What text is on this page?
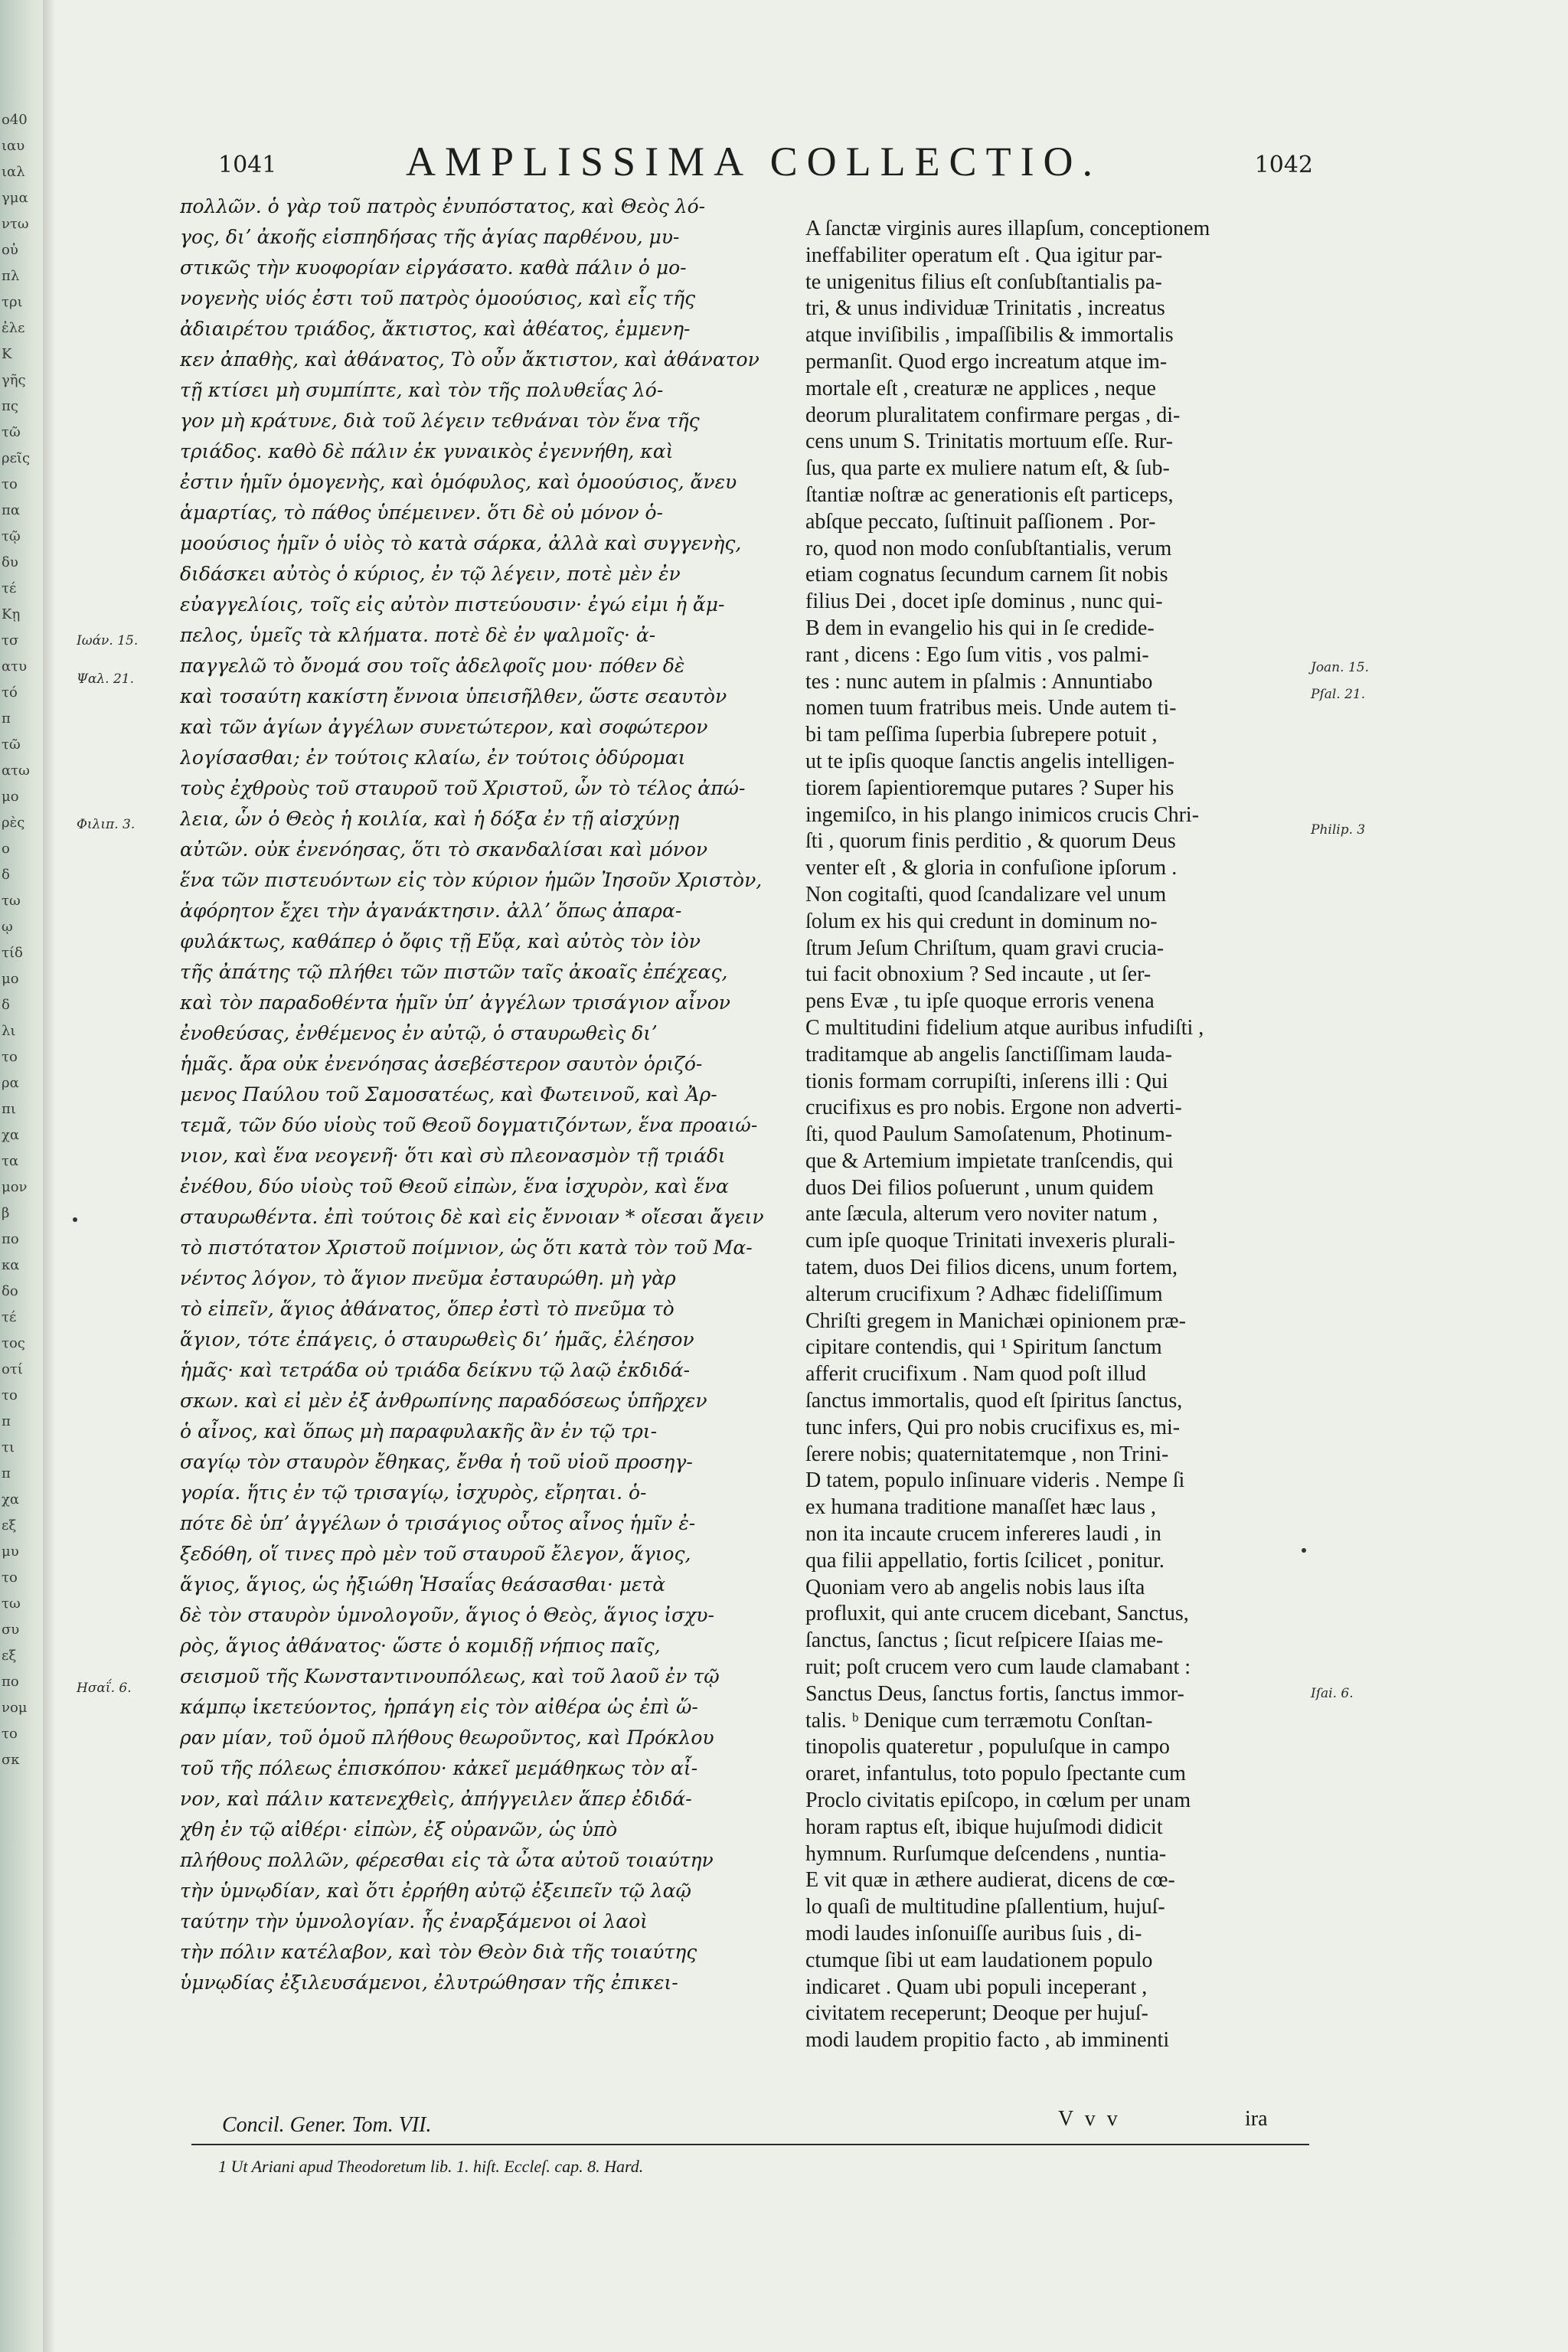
o40
ιαυ
ιαλ
γμα
ντω
οὐ
πλ
τρι
ἐλε
Κ
γῆς
πς
τῶ
ρεῖς
το
πα
τῷ
δυ
τέ
Κῃ
τσ
ατυ
τό
π
τῶ
ατω
μο
ρὲς
ο
δ
τω
ῳ
τίδ
μο
δ
λι
το
ρα
πι
χα
τα
μον
β
πο
κα
δο
τέ
τος
οτί
το
π
τι
π
χα
εξ
μυ
το
τω
συ
εξ
πο
νομ
το
σκ
1041	AMPLISSIMA COLLECTIO.	1042
πολλῶν. ὁ γὰρ τοῦ πατρὸς ἐνυπόστατος, καὶ Θεὸς λό-
γος, διʼ ἀκοῆς εἰσπηδήσας τῆς ἁγίας παρθένου, μυ-
στικῶς τὴν κυοφορίαν εἰργάσατο. καθὰ πάλιν ὁ μο-
νογενὴς υἱός ἐστι τοῦ πατρὸς ὁμοούσιος, καὶ εἷς τῆς
ἀδιαιρέτου τριάδος, ἄκτιστος, καὶ ἀθέατος, ἐμμενη-
κεν ἀπαθὴς, καὶ ἀθάνατος, Τὸ οὖν ἄκτιστον, καὶ ἀθάνατον
τῇ κτίσει μὴ συμπίπτε, καὶ τὸν τῆς πολυθεΐας λό-
γον μὴ κράτυνε, διὰ τοῦ λέγειν τεθνάναι τὸν ἕνα τῆς
τριάδος. καθὸ δὲ πάλιν ἐκ γυναικὸς ἐγεννήθη, καὶ
ἐστιν ἡμῖν ὁμογενὴς, καὶ ὁμόφυλος, καὶ ὁμοούσιος, ἄνευ
ἁμαρτίας, τὸ πάθος ὑπέμεινεν. ὅτι δὲ οὐ μόνον ὁ-
μοούσιος ἡμῖν ὁ υἱὸς τὸ κατὰ σάρκα, ἀλλὰ καὶ συγγενὴς,
διδάσκει αὐτὸς ὁ κύριος, ἐν τῷ λέγειν, ποτὲ μὲν ἐν
εὐαγγελίοις, τοῖς εἰς αὐτὸν πιστεύουσιν· ἐγώ εἰμι ἡ ἄμ-
πελος, ὑμεῖς τὰ κλήματα. ποτὲ δὲ ἐν ψαλμοῖς· ἀ-
παγγελῶ τὸ ὄνομά σου τοῖς ἀδελφοῖς μου· πόθεν δὲ
καὶ τοσαύτη κακίστη ἔννοια ὑπεισῆλθεν, ὥστε σεαυτὸν
καὶ τῶν ἁγίων ἀγγέλων συνετώτερον, καὶ σοφώτερον
λογίσασθαι; ἐν τούτοις κλαίω, ἐν τούτοις ὀδύρομαι
τοὺς ἐχθροὺς τοῦ σταυροῦ τοῦ Χριστοῦ, ὧν τὸ τέλος ἀπώ-
λεια, ὧν ὁ Θεὸς ἡ κοιλία, καὶ ἡ δόξα ἐν τῇ αἰσχύνῃ
αὐτῶν. οὐκ ἐνενόησας, ὅτι τὸ σκανδαλίσαι καὶ μόνον
ἕνα τῶν πιστευόντων εἰς τὸν κύριον ἡμῶν Ἰησοῦν Χριστὸν,
ἀφόρητον ἔχει τὴν ἀγανάκτησιν. ἀλλʼ ὅπως ἀπαρα-
φυλάκτως, καθάπερ ὁ ὄφις τῇ Εὔᾳ, καὶ αὐτὸς τὸν ἰὸν
τῆς ἀπάτης τῷ πλήθει τῶν πιστῶν ταῖς ἀκοαῖς ἐπέχεας,
καὶ τὸν παραδοθέντα ἡμῖν ὑπʼ ἀγγέλων τρισάγιον αἶνον
ἐνοθεύσας, ἐνθέμενος ἐν αὐτῷ, ὁ σταυρωθεὶς διʼ
ἡμᾶς. ἄρα οὐκ ἐνενόησας ἀσεβέστερον σαυτὸν ὁριζό-
μενος Παύλου τοῦ Σαμοσατέως, καὶ Φωτεινοῦ, καὶ Ἀρ-
τεμᾶ, τῶν δύο υἱοὺς τοῦ Θεοῦ δογματιζόντων, ἕνα προαιώ-
νιον, καὶ ἕνα νεογενῆ· ὅτι καὶ σὺ πλεονασμὸν τῇ τριάδι
ἐνέθου, δύο υἱοὺς τοῦ Θεοῦ εἰπὼν, ἕνα ἰσχυρὸν, καὶ ἕνα
σταυρωθέντα. ἐπὶ τούτοις δὲ καὶ εἰς ἔννοιαν * οἴεσαι ἄγειν
τὸ πιστότατον Χριστοῦ ποίμνιον, ὡς ὅτι κατὰ τὸν τοῦ Μα-
νέντος λόγον, τὸ ἅγιον πνεῦμα ἐσταυρώθη. μὴ γὰρ
τὸ εἰπεῖν, ἅγιος ἀθάνατος, ὅπερ ἐστὶ τὸ πνεῦμα τὸ
ἅγιον, τότε ἐπάγεις, ὁ σταυρωθεὶς διʼ ἡμᾶς, ἐλέησον
ἡμᾶς· καὶ τετράδα οὐ τριάδα δείκνυ τῷ λαῷ ἐκδιδά-
σκων. καὶ εἰ μὲν ἐξ ἀνθρωπίνης παραδόσεως ὑπῆρχεν
ὁ αἶνος, καὶ ὅπως μὴ παραφυλακῆς ἂν ἐν τῷ τρι-
σαγίῳ τὸν σταυρὸν ἔθηκας, ἔνθα ἡ τοῦ υἱοῦ προσηγ-
γορία. ἥτις ἐν τῷ τρισαγίῳ, ἰσχυρὸς, εἴρηται. ὁ-
πότε δὲ ὑπʼ ἀγγέλων ὁ τρισάγιος οὗτος αἶνος ἡμῖν ἐ-
ξεδόθη, οἵ τινες πρὸ μὲν τοῦ σταυροῦ ἔλεγον, ἅγιος,
ἅγιος, ἅγιος, ὡς ἠξιώθη Ἡσαΐας θεάσασθαι· μετὰ
δὲ τὸν σταυρὸν ὑμνολογοῦν, ἅγιος ὁ Θεὸς, ἅγιος ἰσχυ-
ρὸς, ἅγιος ἀθάνατος· ὥστε ὁ κομιδῇ νήπιος παῖς,
σεισμοῦ τῆς Κωνσταντινουπόλεως, καὶ τοῦ λαοῦ ἐν τῷ
κάμπῳ ἱκετεύοντος, ἡρπάγη εἰς τὸν αἰθέρα ὡς ἐπὶ ὥ-
ραν μίαν, τοῦ ὁμοῦ πλήθους θεωροῦντος, καὶ Πρόκλου
τοῦ τῆς πόλεως ἐπισκόπου· κἀκεῖ μεμάθηκως τὸν αἶ-
νον, καὶ πάλιν κατενεχθεὶς, ἀπήγγειλεν ἅπερ ἐδιδά-
χθη ἐν τῷ αἰθέρι· εἰπὼν, ἐξ οὐρανῶν, ὡς ὑπὸ
πλήθους πολλῶν, φέρεσθαι εἰς τὰ ὦτα αὐτοῦ τοιαύτην
τὴν ὑμνῳδίαν, καὶ ὅτι ἐρρήθη αὐτῷ ἐξειπεῖν τῷ λαῷ
ταύτην τὴν ὑμνολογίαν. ἧς ἐναρξάμενοι οἱ λαοὶ
τὴν πόλιν κατέλαβον, καὶ τὸν Θεὸν διὰ τῆς τοιαύτης
ὑμνῳδίας ἐξιλευσάμενοι, ἐλυτρώθησαν τῆς ἐπικει-
A ſanctæ virginis aures illapſum, conceptionem
ineffabiliter operatum eſt . Qua igitur par-
te unigenitus filius eſt conſubſtantialis pa-
tri, & unus individuæ Trinitatis , increatus
atque inviſibilis , impaſſibilis & immortalis
permanſit. Quod ergo increatum atque im-
mortale eſt , creaturæ ne applices , neque
deorum pluralitatem confirmare pergas , di-
cens unum S. Trinitatis mortuum eſſe. Rur-
ſus, qua parte ex muliere natum eſt, & ſub-
ſtantiæ noſtræ ac generationis eſt particeps,
abſque peccato, ſuſtinuit paſſionem . Por-
ro, quod non modo conſubſtantialis, verum
etiam cognatus ſecundum carnem ſit nobis
filius Dei , docet ipſe dominus , nunc qui-
B dem in evangelio his qui in ſe credide-
rant , dicens : Ego ſum vitis , vos palmi-
tes : nunc autem in pſalmis : Annuntiabo
nomen tuum fratribus meis. Unde autem ti-
bi tam peſſima ſuperbia ſubrepere potuit ,
ut te ipſis quoque ſanctis angelis intelligen-
tiorem ſapientioremque putares ? Super his
ingemiſco, in his plango inimicos crucis Chri-
ſti , quorum finis perditio , & quorum Deus
venter eſt , & gloria in confuſione ipſorum .
Non cogitaſti, quod ſcandalizare vel unum
ſolum ex his qui credunt in dominum no-
ſtrum Jeſum Chriſtum, quam gravi crucia-
tui facit obnoxium ? Sed incaute , ut ſer-
pens Evæ , tu ipſe quoque erroris venena
C multitudini fidelium atque auribus infudiſti ,
traditamque ab angelis ſanctiſſimam lauda-
tionis formam corrupiſti, inſerens illi : Qui
crucifixus es pro nobis. Ergone non adverti-
ſti, quod Paulum Samoſatenum, Photinum-
que & Artemium impietate tranſcendis, qui
duos Dei filios poſuerunt , unum quidem
ante ſæcula, alterum vero noviter natum ,
cum ipſe quoque Trinitati invexeris plurali-
tatem, duos Dei filios dicens, unum fortem,
alterum crucifixum ? Adhæc fideliſſimum
Chriſti gregem in Manichæi opinionem præ-
cipitare contendis, qui ¹ Spiritum ſanctum
afferit crucifixum . Nam quod poſt illud
ſanctus immortalis, quod eſt ſpiritus ſanctus,
tunc infers, Qui pro nobis crucifixus es, mi-
ſerere nobis; quaternitatemque , non Trini-
D tatem, populo inſinuare videris . Nempe ſi
ex humana traditione manaſſet hæc laus ,
non ita incaute crucem infereres laudi , in
qua filii appellatio, fortis ſcilicet , ponitur.
Quoniam vero ab angelis nobis laus iſta
profluxit, qui ante crucem dicebant, Sanctus,
ſanctus, ſanctus ; ſicut reſpicere Iſaias me-
ruit; poſt crucem vero cum laude clamabant :
Sanctus Deus, ſanctus fortis, ſanctus immor-
talis. ᵇ Denique cum terræmotu Conſtan-
tinopolis quateretur , populuſque in campo
oraret, infantulus, toto populo ſpectante cum
Proclo civitatis epiſcopo, in cœlum per unam
horam raptus eſt, ibique hujuſmodi didicit
hymnum. Rurſumque deſcendens , nuntia-
E vit quæ in æthere audierat, dicens de cœ-
lo quaſi de multitudine pſallentium, hujuſ-
modi laudes inſonuiſſe auribus ſuis , di-
ctumque ſibi ut eam laudationem populo
indicaret . Quam ubi populi inceperant ,
civitatem receperunt; Deoque per hujuſ-
modi laudem propitio facto , ab imminenti
Ιωάν. 15.
Ψαλ. 21.
Φιλιπ. 3.
Ησαΐ. 6.
Joan. 15.
Pſal. 21.
Philip. 3
Iſai. 6.
Concil. Gener. Tom. VII.	V v v	ira
1 Ut Ariani apud Theodoretum lib. 1. hiſt. Eccleſ. cap. 8. Hard.
